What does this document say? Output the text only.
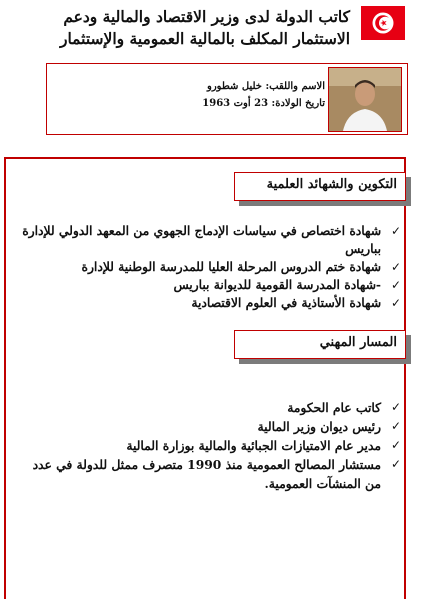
كاتب الدولة لدى وزير الاقتصاد والمالية ودعم الاستثمار المكلف بالمالية العمومية والإستثمار
الاسم واللقب: خليل شطورو
تاريخ الولادة: 23 أوت 1963
التكوين والشهائد العلمية
✓︎
شهادة اختصاص في سياسات الإدماج الجهوي من المعهد الدولي للإدارة بباريس
✓︎
شهادة ختم الدروس المرحلة العليا للمدرسة الوطنية للإدارة
✓︎
-شهادة المدرسة القومية للديوانة بباريس
✓︎
شهادة الأستاذية في العلوم الاقتصادية
المسار المهني
✓︎
كاتب عام الحكومة
✓︎
رئيس ديوان وزير المالية
✓︎
مدير عام الامتيازات الجبائية والمالية بوزارة المالية
✓︎
مستشار المصالح العمومية منذ 1990 متصرف ممثل للدولة في عدد من المنشآت العمومية.
